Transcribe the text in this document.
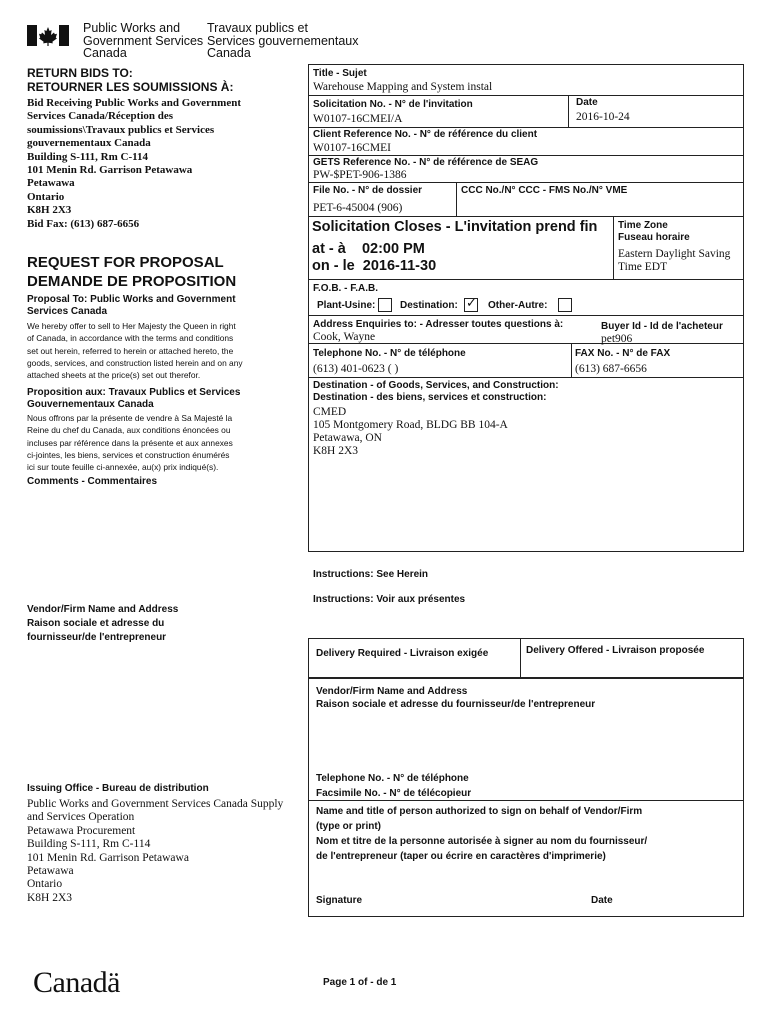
Public Works and
Government Services
Canada
Travaux publics et
Services gouvernementaux
Canada
RETURN BIDS TO:
RETOURNER LES SOUMISSIONS À:
Bid Receiving Public Works and Government
Services Canada/Réception des
soumissions\Travaux publics et Services
gouvernementaux Canada
Building S-111, Rm C-114
101 Menin Rd. Garrison Petawawa
Petawawa
Ontario
K8H 2X3
Bid Fax: (613) 687-6656
REQUEST FOR PROPOSAL
DEMANDE DE PROPOSITION
Proposal To: Public Works and Government
Services Canada
We hereby offer to sell to Her Majesty the Queen in right
of Canada, in accordance with the terms and conditions
set out herein, referred to herein or attached hereto, the
goods, services, and construction listed herein and on any
attached sheets at the price(s) set out therefor.
Proposition aux: Travaux Publics et Services
Gouvernementaux Canada
Nous offrons par la présente de vendre à Sa Majesté la
Reine du chef du Canada, aux conditions énoncées ou
incluses par référence dans la présente et aux annexes
ci-jointes, les biens, services et construction énumérés
ici sur toute feuille ci-annexée, au(x) prix indiqué(s).
Comments - Commentaires
Title - Sujet
Warehouse Mapping and System instal
Solicitation No. - N° de l'invitation
W0107-16CMEI/A
Date
2016-10-24
Client Reference No. - N° de référence du client
W0107-16CMEI
GETS Reference No. - N° de référence de SEAG
PW-$PET-906-1386
File No. - N° de dossier
PET-6-45004 (906)
CCC No./N° CCC - FMS No./N° VME
Solicitation Closes - L'invitation prend fin
at - à 02:00 PM
on - le 2016-11-30
Time Zone
Fuseau horaire
Eastern Daylight Saving
Time EDT
F.O.B. - F.A.B.
Plant-Usine: Destination: ✓ Other-Autre:
Address Enquiries to: - Adresser toutes questions à:
Cook, Wayne
Buyer Id - Id de l'acheteur
pet906
Telephone No. - N° de téléphone
(613) 401-0623 ( )
FAX No. - N° de FAX
(613) 687-6656
Destination - of Goods, Services, and Construction:
Destination - des biens, services et construction:
CMED
105 Montgomery Road, BLDG BB 104-A
Petawawa, ON
K8H 2X3
Instructions: See Herein
Instructions: Voir aux présentes
Vendor/Firm Name and Address
Raison sociale et adresse du
fournisseur/de l'entrepreneur
Delivery Required - Livraison exigée	Delivery Offered - Livraison proposée
Vendor/Firm Name and Address
Raison sociale et adresse du fournisseur/de l'entrepreneur
Telephone No. - N° de téléphone
Facsimile No. - N° de télécopieur
Name and title of person authorized to sign on behalf of Vendor/Firm
(type or print)
Nom et titre de la personne autorisée à signer au nom du fournisseur/
de l'entrepreneur (taper ou écrire en caractères d'imprimerie)
Signature	Date
Issuing Office - Bureau de distribution
Public Works and Government Services Canada Supply
and Services Operation
Petawawa Procurement
Building S-111, Rm C-114
101 Menin Rd. Garrison Petawawa
Petawawa
Ontario
K8H 2X3
Canadä	Page 1 of - de 1
